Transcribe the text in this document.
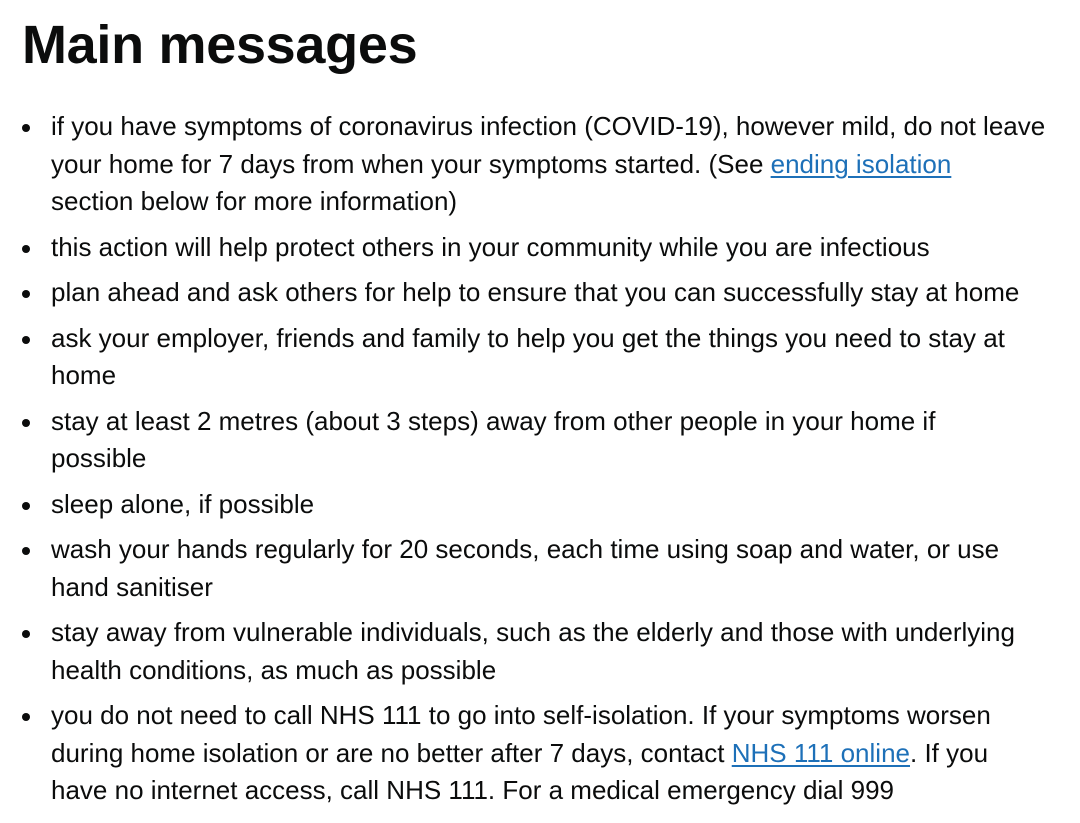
Main messages
if you have symptoms of coronavirus infection (COVID-19), however mild, do not leave
your home for 7 days from when your symptoms started. (See ending isolation
section below for more information)
this action will help protect others in your community while you are infectious
plan ahead and ask others for help to ensure that you can successfully stay at home
ask your employer, friends and family to help you get the things you need to stay at
home
stay at least 2 metres (about 3 steps) away from other people in your home if
possible
sleep alone, if possible
wash your hands regularly for 20 seconds, each time using soap and water, or use
hand sanitiser
stay away from vulnerable individuals, such as the elderly and those with underlying
health conditions, as much as possible
you do not need to call NHS 111 to go into self-isolation. If your symptoms worsen
during home isolation or are no better after 7 days, contact NHS 111 online. If you
have no internet access, call NHS 111. For a medical emergency dial 999
